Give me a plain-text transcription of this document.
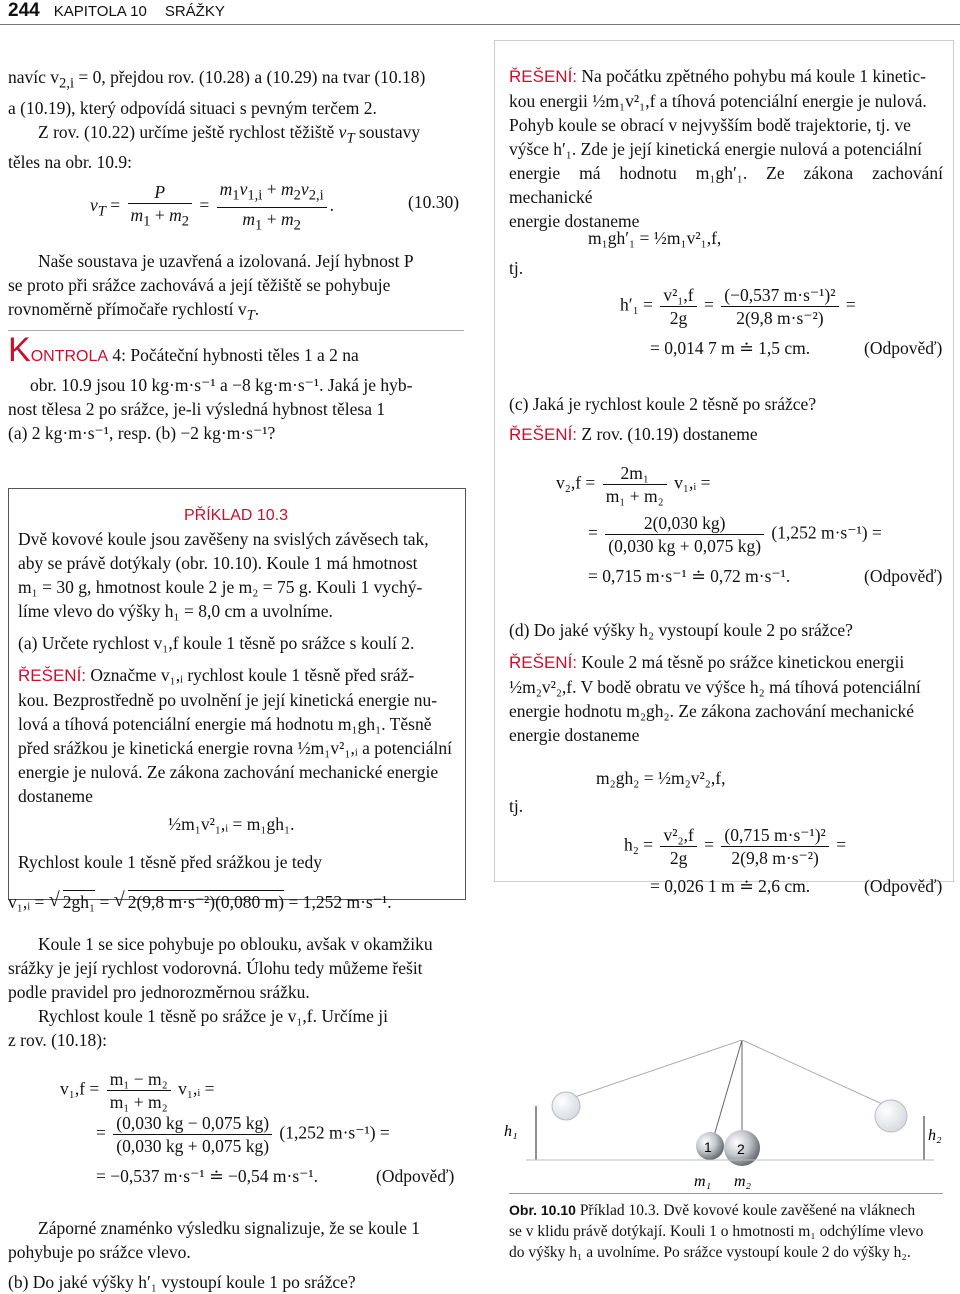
244 KAPITOLA 10 SRÁŽKY

navíc $v_{2,i} = 0$, přejdou rov. (10.28) a (10.29) na tvar (10.18)

a (10.19), který odpovídá situaci s pevným terčem 2.

Z rov. (10.22) určíme ještě rychlost těžiště $v_T$ soustavy

těles na obr. 10.9:

$v_T = \frac{P}{m_1 + m_2} = \frac{m_1v_{1,i} + m_2v_{2,i}}{m_1 + m_2}$ .	(10.30)

Naše soustava je uzavřená a izolovaná. Její hybnost P

se proto při srážce zachovává a její těžiště se pohybuje

rovnoměrně přímočaře rychlostí $v_T$.

KONTROLA 4: Počáteční hybnosti těles 1 a 2 na

obr. 10.9 jsou 10 kg·m·s⁻¹ a −8 kg·m·s⁻¹. Jaká je hyb-

nost tělesa 2 po srážce, je-li výsledná hybnost tělesa 1

(a) 2 kg·m·s⁻¹, resp. (b) −2 kg·m·s⁻¹?

PŘÍKLAD 10.3

Dvě kovové koule jsou zavěšeny na svislých závěsech tak,

aby se právě dotýkaly (obr. 10.10). Koule 1 má hmotnost

m₁ = 30 g, hmotnost koule 2 je m₂ = 75 g. Kouli 1 vychý-

líme vlevo do výšky h₁ = 8,0 cm a uvolníme.

(a) Určete rychlost v₁,f koule 1 těsně po srážce s koulí 2.

ŘEŠENÍ: Označme v₁,ᵢ rychlost koule 1 těsně před sráž-

kou. Bezprostředně po uvolnění je její kinetická energie nu-

lová a tíhová potenciální energie má hodnotu m₁gh₁. Těsně

před srážkou je kinetická energie rovna ½m₁v²₁,ᵢ a potenciální

energie je nulová. Ze zákona zachování mechanické energie

dostaneme

½m₁v²₁,ᵢ = m₁gh₁.

Rychlost koule 1 těsně před srážkou je tedy

v₁,ᵢ = √ 2gh₁ = √ 2(9,8 m·s⁻²)(0,080 m) = 1,252 m·s⁻¹.

Koule 1 se sice pohybuje po oblouku, avšak v okamžiku

srážky je její rychlost vodorovná. Úlohu tedy můžeme řešit

podle pravidel pro jednorozměrnou srážku.

Rychlost koule 1 těsně po srážce je v₁,f. Určíme ji

z rov. (10.18):

$v_1,f = \frac{\text{m₁ − m₂}}{\text{m₁ + m₂}}$ v₁,ᵢ =
= $\frac{(0,030 kg - 0,075 kg)}{(0,030 kg + 0,075 kg)} (1,252$ m·s⁻¹) =
= −0,537 m·s⁻¹ ≐ −0,54 m·s⁻¹.	(Odpověď)

Záporné znaménko výsledku signalizuje, že se koule 1

pohybuje po srážce vlevo.

(b) Do jaké výšky h′₁ vystoupí koule 1 po srážce?

ŘEŠENÍ: Na počátku zpětného pohybu má koule 1 kinetic-

kou energii ½m₁v²₁,f a tíhová potenciální energie je nulová.

Pohyb koule se obrací v nejvyšším bodě trajektorie, tj. ve

výšce h′₁. Zde je její kinetická energie nulová a potenciální

energie má hodnotu m₁gh′₁. Ze zákona zachování mechanické

energie dostaneme

m₁gh′₁ = ½m₁v²₁,f,
tj.
$h'_1 = \frac{\text{v²₁,f}}{2g} = \frac{\text{(−0,537 m·s⁻¹)²}}{\text{2(9,8 m·s⁻²)}}$ =
= 0,014 7 m ≐ 1,5 cm.	(Odpověď)

(c) Jaká je rychlost koule 2 těsně po srážce?

ŘEŠENÍ: Z rov. (10.19) dostaneme

$v_2,f = \frac{\text{2m₁}}{\text{m₁ + m₂}}$ v₁,ᵢ =
= $\frac{2(0,030 kg)}{(0,030 kg + 0,075 kg)} (1,252$ m·s⁻¹) =
= 0,715 m·s⁻¹ ≐ 0,72 m·s⁻¹.	(Odpověď)

(d) Do jaké výšky h₂ vystoupí koule 2 po srážce?

ŘEŠENÍ: Koule 2 má těsně po srážce kinetickou energii

½m₂v²₂,f. V bodě obratu ve výšce h₂ má tíhová potenciální

energie hodnotu m₂gh₂. Ze zákona zachování mechanické

energie dostaneme

m₂gh₂ = ½m₂v²₂,f,
tj.
$h_2 = \frac{\text{v²₂,f}}{2g} = \frac{\text{(0,715 m·s⁻¹)²}}{\text{2(9,8 m·s⁻²)}}$ =
= 0,026 1 m ≐ 2,6 cm.	(Odpověď)
h₁	h₂
1 2
m₁ m₂
Obr. 10.10 Příklad 10.3. Dvě kovové koule zavěšené na vláknech
se v klidu právě dotýkají. Kouli 1 o hmotnosti m₁ odchýlíme vlevo
do výšky h₁ a uvolníme. Po srážce vystoupí koule 2 do výšky h₂.
